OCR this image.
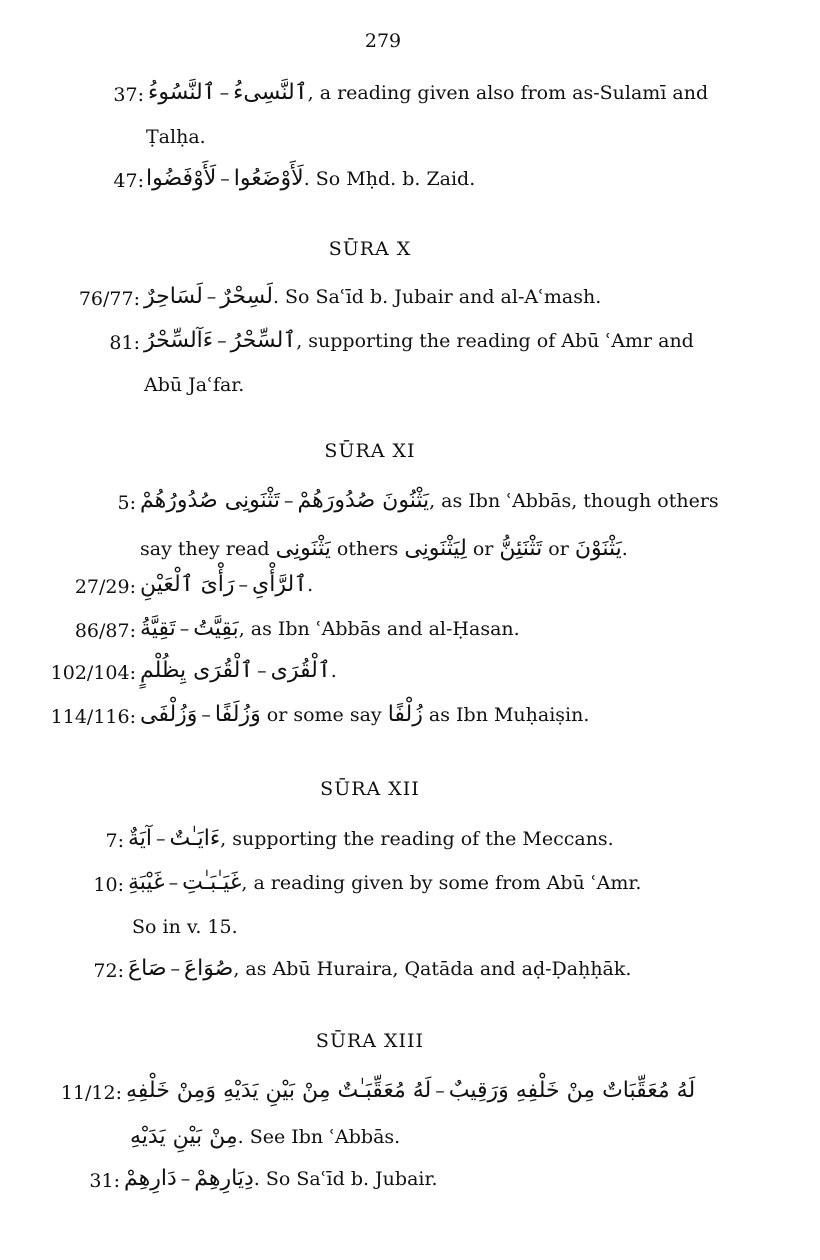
279
37: ٱلنَّسُوءُ – ٱلنَّسِىءُ, a reading given also from as-Sulamī and
Ṭalḥa.
47: لَأَوْفَضُوا – لَأَوْضَعُوا. So Mḥd. b. Zaid.
SŪRA X
76/77: لَسَاحِرٌ – لَسِحْرٌ. So Saʿīd b. Jubair and al-Aʿmash.
81: ءَآلسِّحْرُ – ٱلسِّحْرُ, supporting the reading of Abū ʿAmr and
Abū Jaʿfar.
SŪRA XI
5: تَثْنَونِى صُدُورُهُمْ – يَثْنُونَ صُدُورَهُمْ, as Ibn ʿAbbās, though others
say they read يَثْنَونِى others لِيَثْنَونِى or تَثْنَئِنُّ or يَثْنَوْنَ.
27/29: رَأْىَ ٱلْعَيْنِ – ٱلرَّأْىِ.
86/87: تَقِيَّةُ – بَقِيَّتُ, as Ibn ʿAbbās and al-Ḥasan.
102/104: ٱلْقُرَى يِظُلْمٍ – ٱلْقُرَى.
114/116: وَزُلْفَى – وَزُلَفًا or some say زُلْفًا as Ibn Muḥaiṣin.
SŪRA XII
7: آيَةٌ – ءَايَـٰتٌ, supporting the reading of the Meccans.
10: غَيْبَةِ – غَيَـٰبَـٰتِ, a reading given by some from Abū ʿAmr.
So in v. 15.
72: صَاعَ – صُوَاعَ, as Abū Huraira, Qatāda and aḍ-Ḍaḥḥāk.
SŪRA XIII
11/12: لَهُ مُعَقِّبَـٰتٌ مِنْ بَيْنِ يَدَيْهِ وَمِنْ خَلْفِهِ – لَهُ مُعَقِّبَاتٌ مِنْ خَلْفِهِ وَرَقِيبٌ
مِنْ بَيْنِ يَدَيْهِ. See Ibn ʿAbbās.
31: دَارِهِمْ – دِيَارِهِمْ. So Saʿīd b. Jubair.
